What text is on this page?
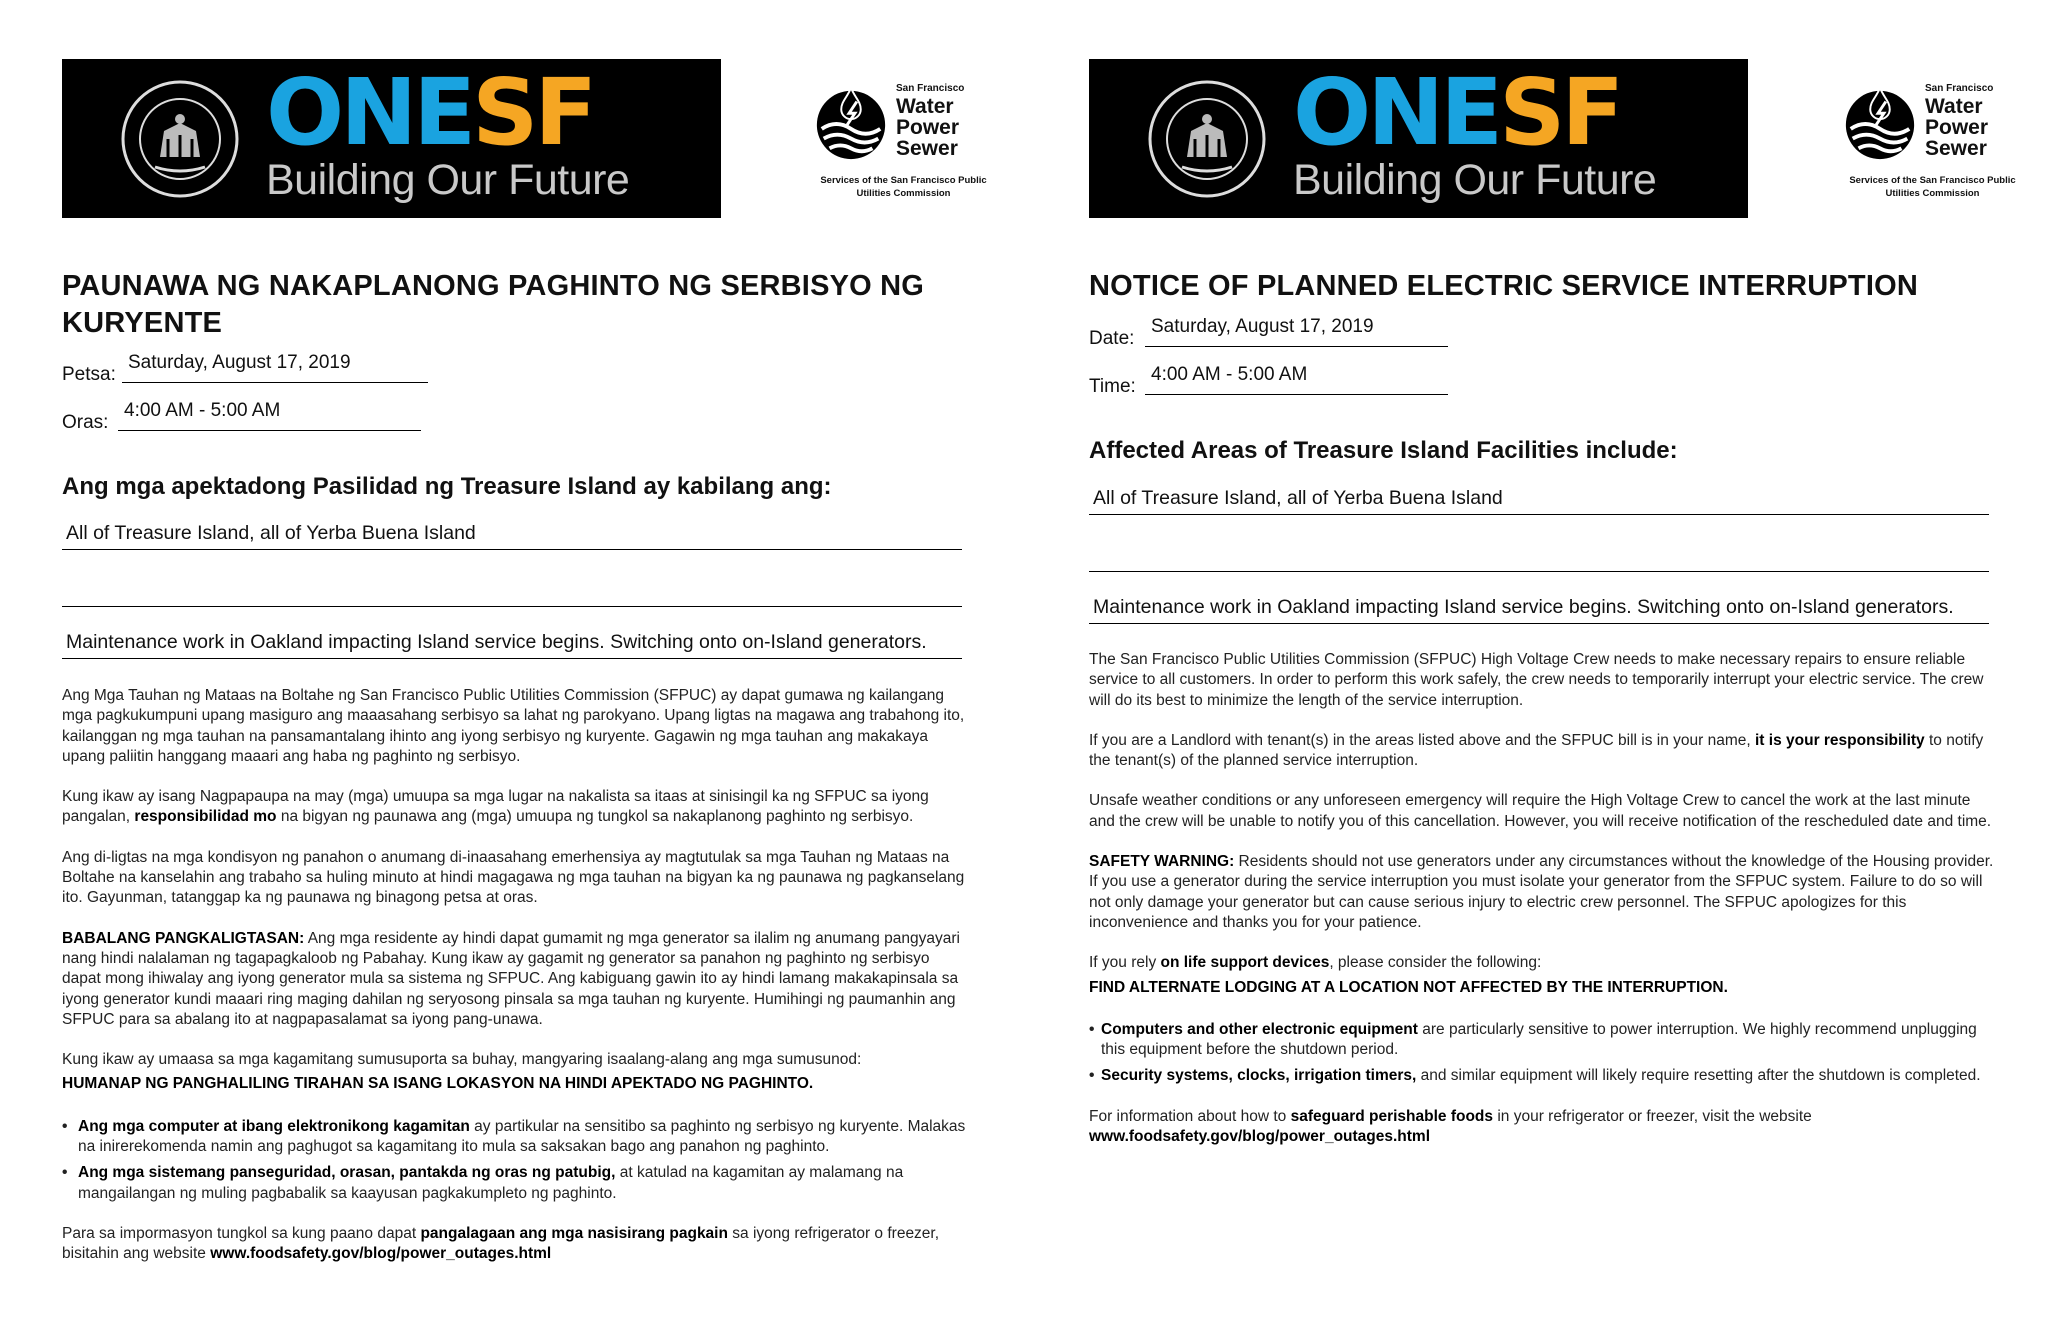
ONESF
Building Our Future
San Francisco
Water
Power
Sewer
Services of the San Francisco Public Utilities Commission
PAUNAWA NG NAKAPLANONG PAGHINTO NG SERBISYO NG KURYENTE
Petsa:
Saturday, August 17, 2019
Oras:
4:00 AM - 5:00 AM
Ang mga apektadong Pasilidad ng Treasure Island ay kabilang ang:
All of Treasure Island, all of Yerba Buena Island
Maintenance work in Oakland impacting Island service begins. Switching onto on-Island generators.

Ang Mga Tauhan ng Mataas na Boltahe ng San Francisco Public Utilities Commission (SFPUC) ay dapat gumawa ng kailangang mga pagkukumpuni upang masiguro ang maaasahang serbisyo sa lahat ng parokyano. Upang ligtas na magawa ang trabahong ito, kailanggan ng mga tauhan na pansamantalang ihinto ang iyong serbisyo ng kuryente. Gagawin ng mga tauhan ang makakaya upang paliitin hanggang maaari ang haba ng paghinto ng serbisyo.

Kung ikaw ay isang Nagpapaupa na may (mga) umuupa sa mga lugar na nakalista sa itaas at sinisingil ka ng SFPUC sa iyong pangalan, responsibilidad mo na bigyan ng paunawa ang (mga) umuupa ng tungkol sa nakaplanong paghinto ng serbisyo.

Ang di-ligtas na mga kondisyon ng panahon o anumang di-inaasahang emerhensiya ay magtutulak sa mga Tauhan ng Mataas na Boltahe na kanselahin ang trabaho sa huling minuto at hindi magagawa ng mga tauhan na bigyan ka ng paunawa ng pagkanselang ito. Gayunman, tatanggap ka ng paunawa ng binagong petsa at oras.

BABALANG PANGKALIGTASAN: Ang mga residente ay hindi dapat gumamit ng mga generator sa ilalim ng anumang pangyayari nang hindi nalalaman ng tagapagkaloob ng Pabahay. Kung ikaw ay gagamit ng generator sa panahon ng paghinto ng serbisyo dapat mong ihiwalay ang iyong generator mula sa sistema ng SFPUC. Ang kabiguang gawin ito ay hindi lamang makakapinsala sa iyong generator kundi maaari ring maging dahilan ng seryosong pinsala sa mga tauhan ng kuryente. Humihingi ng paumanhin ang SFPUC para sa abalang ito at nagpapasalamat sa iyong pang-unawa.

Kung ikaw ay umaasa sa mga kagamitang sumusuporta sa buhay, mangyaring isaalang-alang ang mga sumusunod:

HUMANAP NG PANGHALILING TIRAHAN SA ISANG LOKASYON NA HINDI APEKTADO NG PAGHINTO.

• Ang mga computer at ibang elektronikong kagamitan ay partikular na sensitibo sa paghinto ng serbisyo ng kuryente. Malakas na inirerekomenda namin ang paghugot sa kagamitang ito mula sa saksakan bago ang panahon ng paghinto.

• Ang mga sistemang panseguridad, orasan, pantakda ng oras ng patubig, at katulad na kagamitan ay malamang na mangailangan ng muling pagbabalik sa kaayusan pagkakumpleto ng paghinto.

Para sa impormasyon tungkol sa kung paano dapat pangalagaan ang mga nasisirang pagkain sa iyong refrigerator o freezer, bisitahin ang website www.foodsafety.gov/blog/power_outages.html

ONESF
Building Our Future
San Francisco
Water
Power
Sewer
Services of the San Francisco Public Utilities Commission
NOTICE OF PLANNED ELECTRIC SERVICE INTERRUPTION
Date:
Saturday, August 17, 2019
Time:
4:00 AM - 5:00 AM
Affected Areas of Treasure Island Facilities include:
All of Treasure Island, all of Yerba Buena Island
Maintenance work in Oakland impacting Island service begins. Switching onto on-Island generators.

The San Francisco Public Utilities Commission (SFPUC) High Voltage Crew needs to make necessary repairs to ensure reliable service to all customers. In order to perform this work safely, the crew needs to temporarily interrupt your electric service. The crew will do its best to minimize the length of the service interruption.

If you are a Landlord with tenant(s) in the areas listed above and the SFPUC bill is in your name, it is your responsibility to notify the tenant(s) of the planned service interruption.

Unsafe weather conditions or any unforeseen emergency will require the High Voltage Crew to cancel the work at the last minute and the crew will be unable to notify you of this cancellation. However, you will receive notification of the rescheduled date and time.

SAFETY WARNING: Residents should not use generators under any circumstances without the knowledge of the Housing provider. If you use a generator during the service interruption you must isolate your generator from the SFPUC system. Failure to do so will not only damage your generator but can cause serious injury to electric crew personnel. The SFPUC apologizes for this inconvenience and thanks you for your patience.

If you rely on life support devices, please consider the following:

FIND ALTERNATE LODGING AT A LOCATION NOT AFFECTED BY THE INTERRUPTION.

• Computers and other electronic equipment are particularly sensitive to power interruption. We highly recommend unplugging this equipment before the shutdown period.

• Security systems, clocks, irrigation timers, and similar equipment will likely require resetting after the shutdown is completed.

For information about how to safeguard perishable foods in your refrigerator or freezer, visit the website
www.foodsafety.gov/blog/power_outages.html
